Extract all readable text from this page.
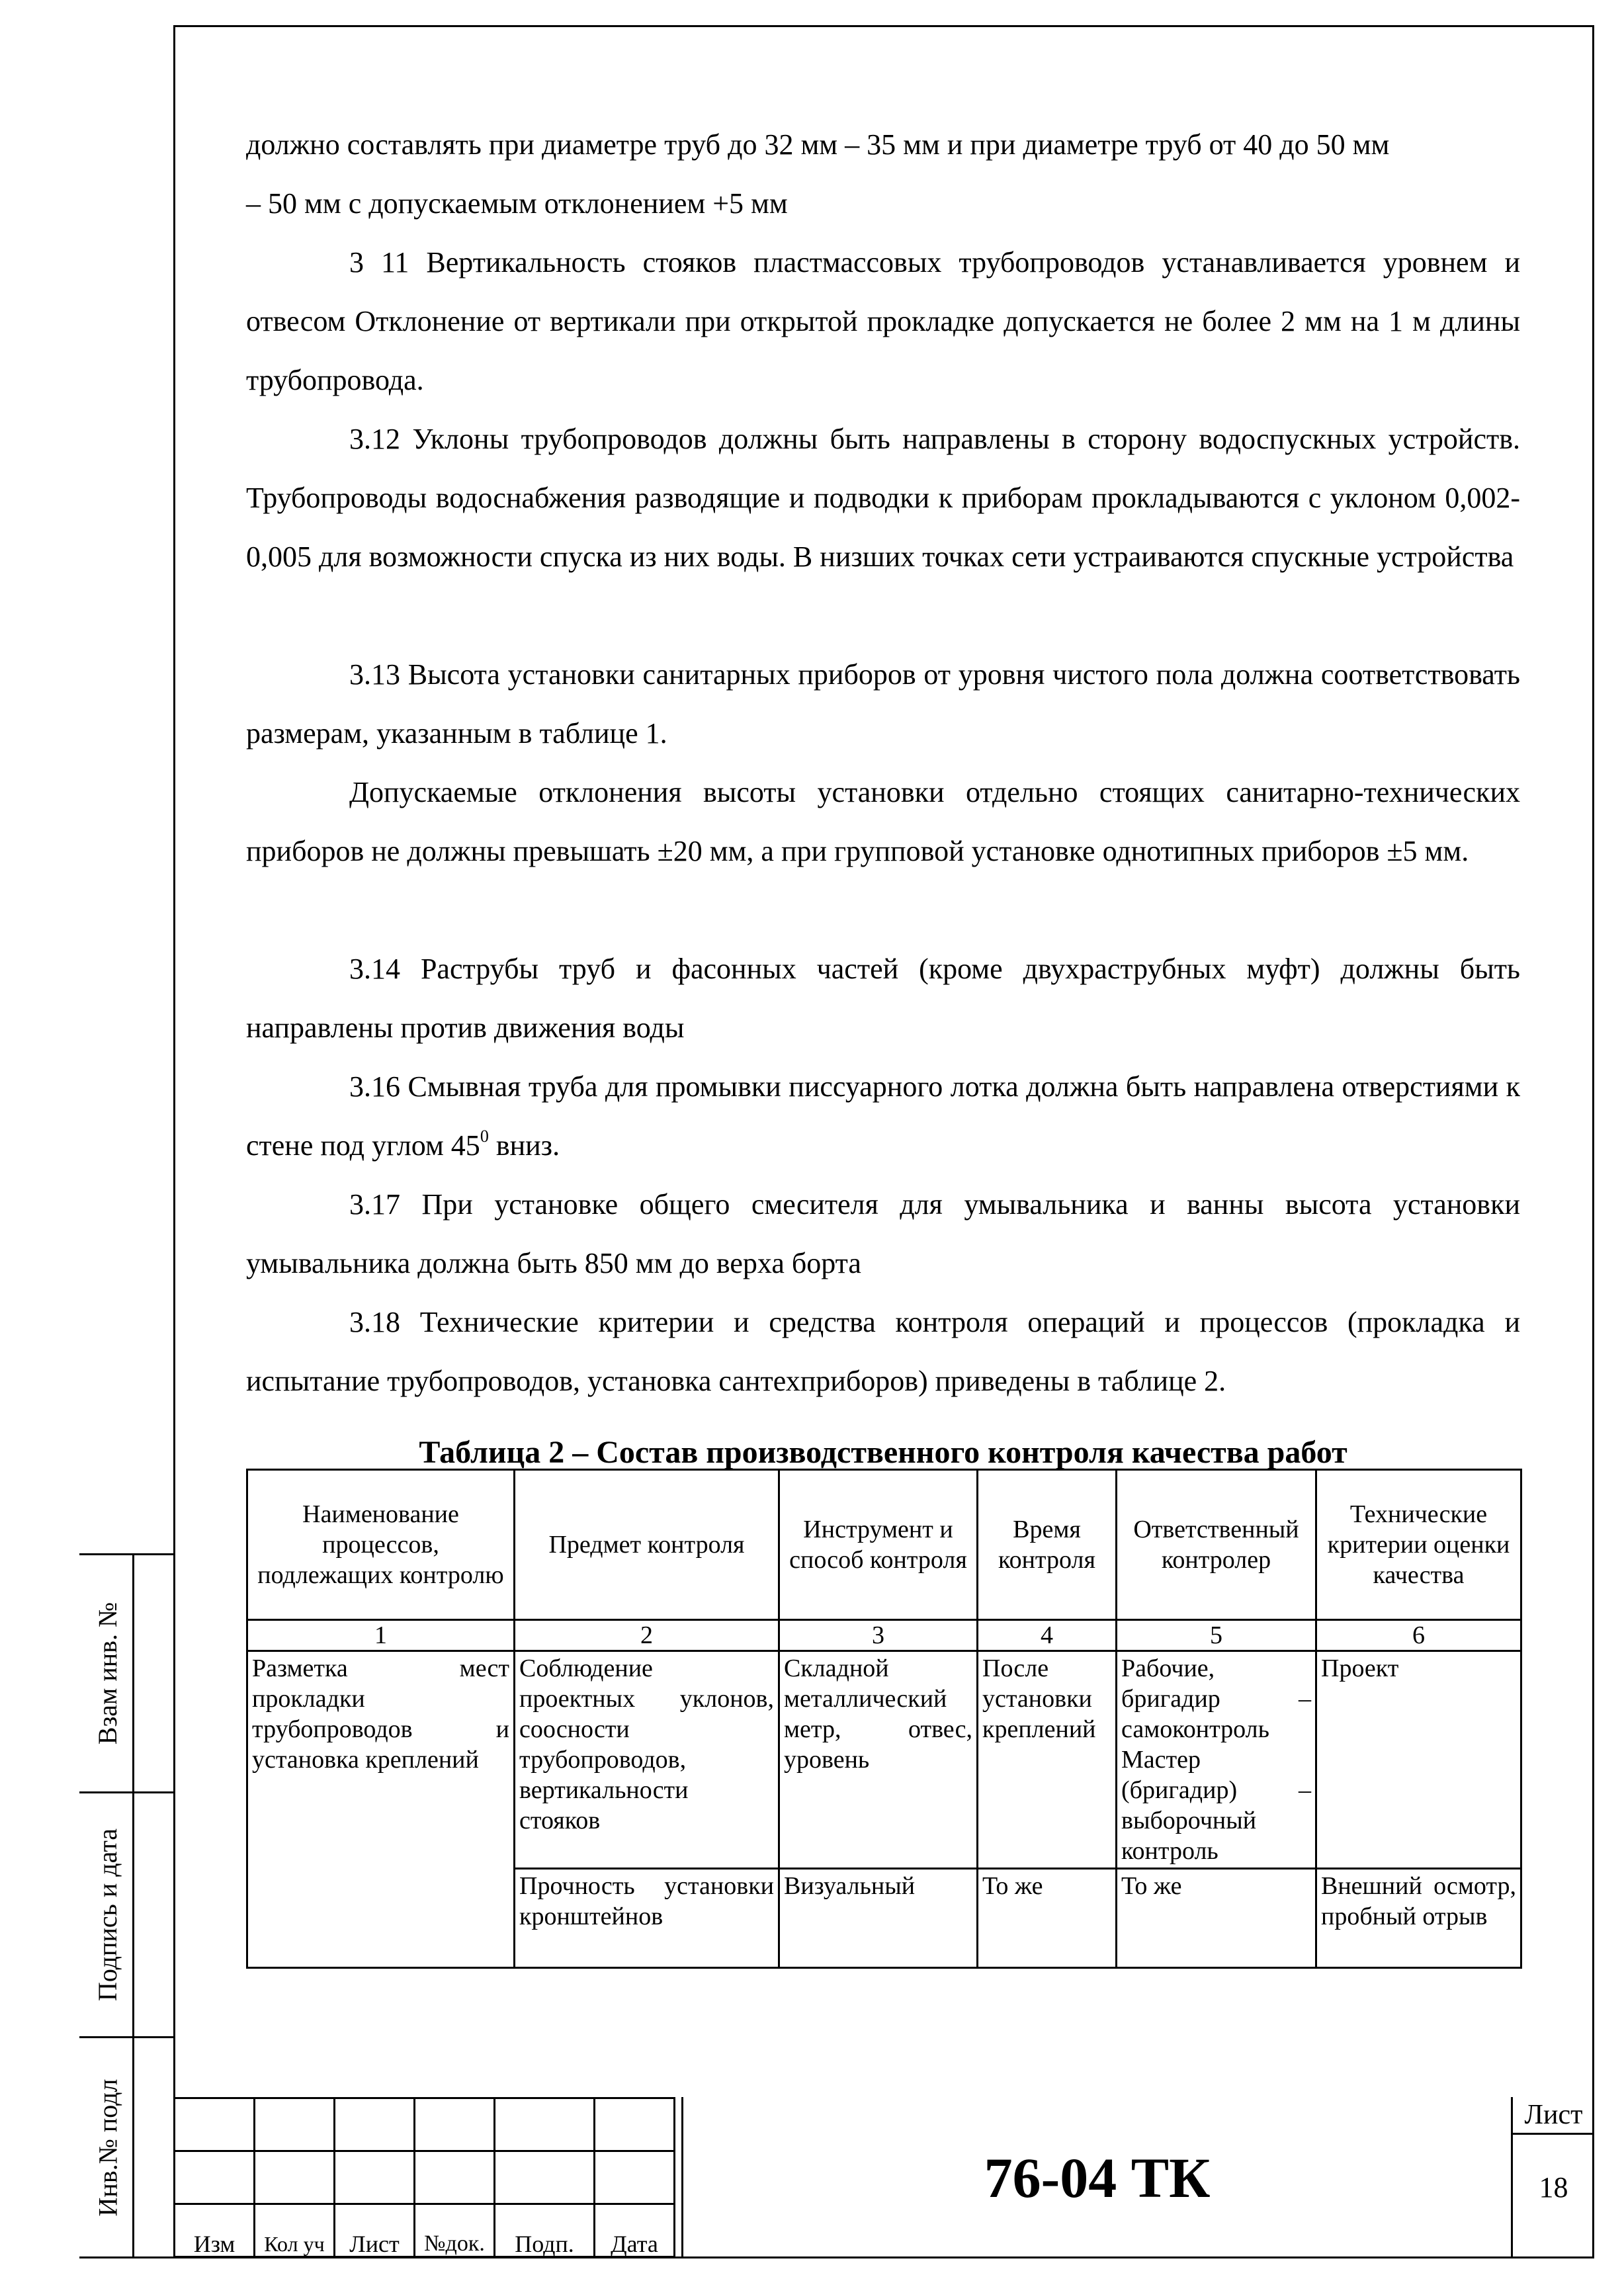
должно составлять при диаметре труб до 32 мм – 35 мм и при диаметре труб от 40 до 50 мм

– 50 мм с допускаемым отклонением +5 мм

3 11 Вертикальность стояков пластмассовых трубопроводов устанавливается уровнем и отвесом Отклонение от вертикали при открытой прокладке допускается не более 2 мм на 1 м длины трубопровода.

3.12 Уклоны трубопроводов должны быть направлены в сторону водоспускных устройств. Трубопроводы водоснабжения разводящие и подводки к приборам прокладываются с уклоном 0,002-0,005 для возможности спуска из них воды. В низших точках сети устраиваются спускные устройства

3.13 Высота установки санитарных приборов от уровня чистого пола должна соответствовать размерам, указанным в таблице 1.

Допускаемые отклонения высоты установки отдельно стоящих санитарно-технических приборов не должны превышать ±20 мм, а при групповой установке однотипных приборов ±5 мм.

3.14 Раструбы труб и фасонных частей (кроме двухраструбных муфт) должны быть направлены против движения воды

3.16 Смывная труба для промывки писсуарного лотка должна быть направлена отверстиями к стене под углом $45^0$ вниз.

3.17 При установке общего смесителя для умывальника и ванны высота установки умывальника должна быть 850 мм до верха борта

3.18 Технические критерии и средства контроля операций и процессов (прокладка и испытание трубопроводов, установка сантехприборов) приведены в таблице 2.

Таблица 2 – Состав производственного контроля качества работ

Наименование процессов, подлежащих контролю	Предмет контроля	Инструмент и способ контроля	Время контроля	Ответственный контролер	Технические критерии оценки качества
1	2	3	4	5	6
Разметка мест прокладки трубопроводов и установка креплений	Соблюдение проектных уклонов, соосности трубопроводов, вертикальности стояков	Складной металлический метр, отвес, уровень	После установки креплений	Рабочие, бригадир – самоконтроль Мастер (бригадир) – выборочный контроль	Проект
	Прочность установки кронштейнов	Визуальный	То же	То же	Внешний осмотр, пробный отрыв
Взам инв. №
Подпись и дата
Инв.№ подл

Изм	Кол уч	Лист	№док.	Подп.	Дата
76-04 ТК
Лист
18
